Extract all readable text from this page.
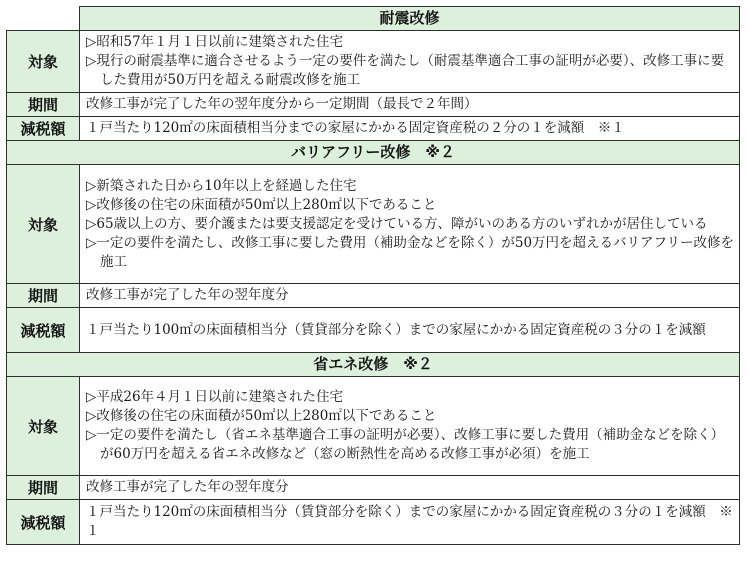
	耐震改修
対象	▷昭和57年１月１日以前に建築された住宅
▷現行の耐震基準に適合させるよう一定の要件を満たし（耐震基準適合工事の証明が必要）、改修工事に要した費用が50万円を超える耐震改修を施工

期間	改修工事が完了した年の翌年度分から一定期間（最長で２年間）

減税額	１戸当たり120㎡の床面積相当分までの家屋にかかる固定資産税の２分の１を減額　※１

バリアフリー改修　※２	
対象	▷新築された日から10年以上を経過した住宅
▷改修後の住宅の床面積が50㎡以上280㎡以下であること
▷65歳以上の方、要介護または要支援認定を受けている方、障がいのある方のいずれかが居住している
▷一定の要件を満たし、改修工事に要した費用（補助金などを除く）が50万円を超えるバリアフリー改修を施工

期間	改修工事が完了した年の翌年度分

減税額	１戸当たり100㎡の床面積相当分（賃貸部分を除く）までの家屋にかかる固定資産税の３分の１を減額

省エネ改修　※２	
対象	▷平成26年４月１日以前に建築された住宅
▷改修後の住宅の床面積が50㎡以上280㎡以下であること
▷一定の要件を満たし（省エネ基準適合工事の証明が必要）、改修工事に要した費用（補助金などを除く）が60万円を超える省エネ改修など（窓の断熱性を高める改修工事が必須）を施工

期間	改修工事が完了した年の翌年度分

減税額	１戸当たり120㎡の床面積相当分（賃貸部分を除く）までの家屋にかかる固定資産税の３分の１を減額　※１
